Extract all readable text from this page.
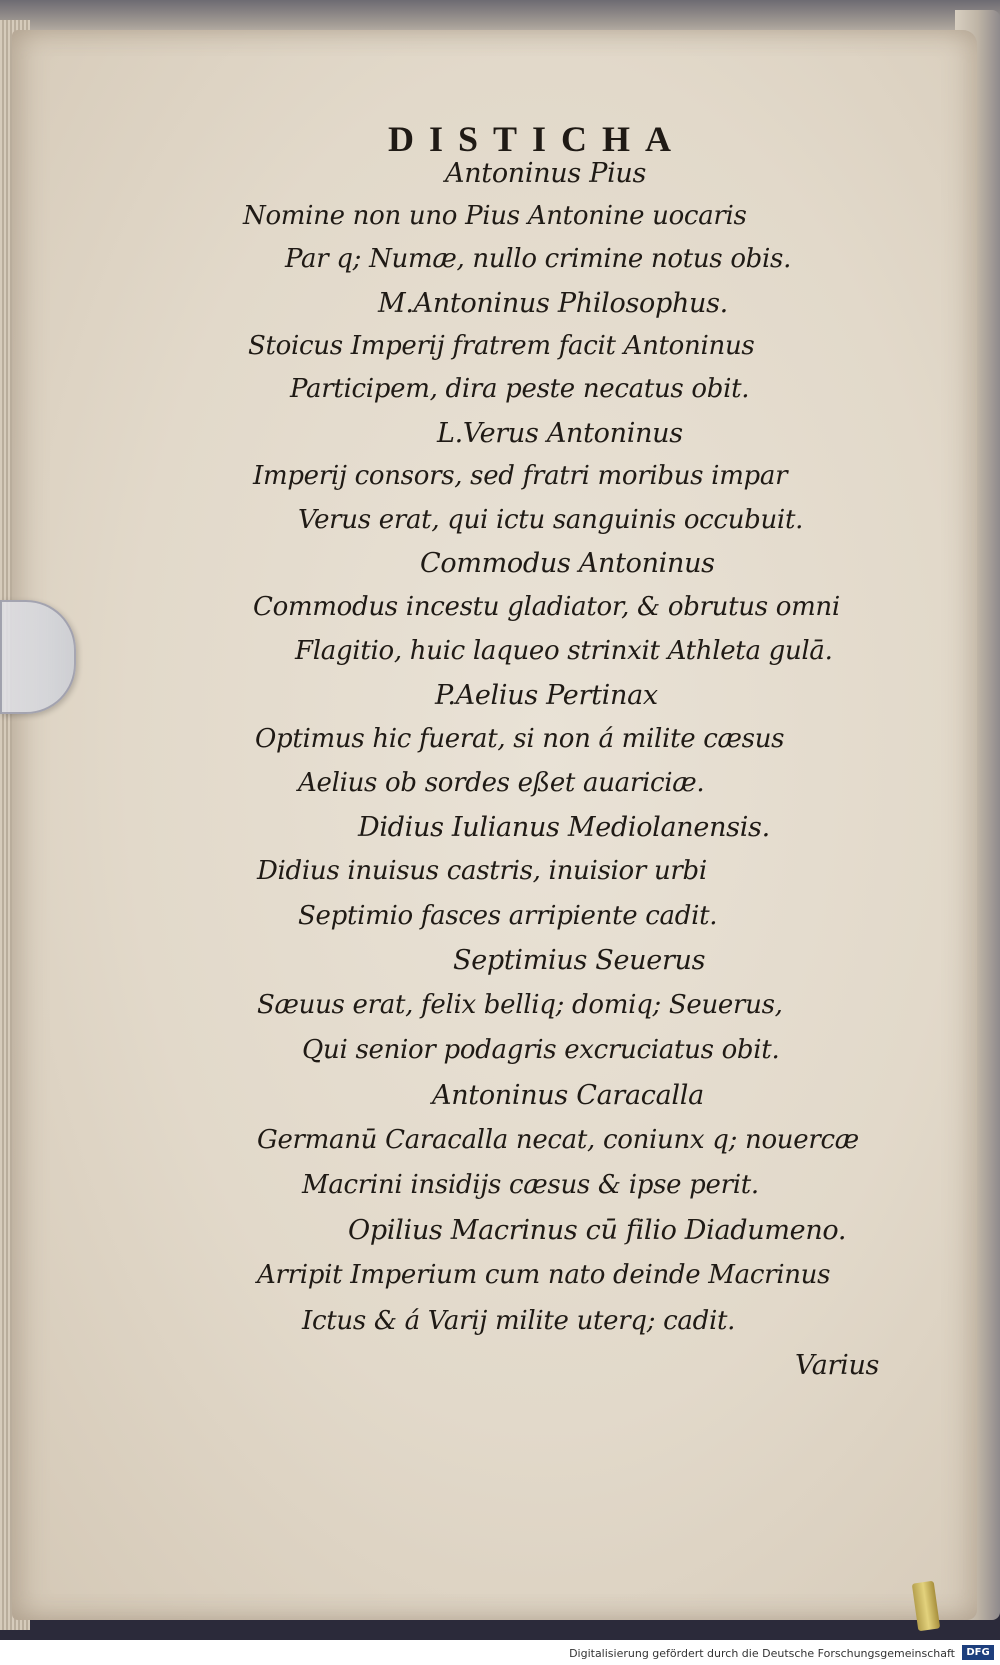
DISTICHA
Antoninus Pius
Nomine non uno Pius Antonine uocaris
Par q; Numæ, nullo crimine notus obis.
M.Antoninus Philosophus.
Stoicus Imperij fratrem facit Antoninus
Participem, dira peste necatus obit.
L.Verus Antoninus
Imperij consors, sed fratri moribus impar
Verus erat, qui ictu sanguinis occubuit.
Commodus Antoninus
Commodus incestu gladiator, & obrutus omni
Flagitio, huic laqueo strinxit Athleta gulā.
P.Aelius Pertinax
Optimus hic fuerat, si non á milite cæsus
Aelius ob sordes eßet auariciæ.
Didius Iulianus Mediolanensis.
Didius inuisus castris, inuisior urbi
Septimio fasces arripiente cadit.
Septimius Seuerus
Sæuus erat, felix belliq; domiq; Seuerus,
Qui senior podagris excruciatus obit.
Antoninus Caracalla
Germanū Caracalla necat, coniunx q; nouercæ
Macrini insidijs cæsus & ipse perit.
Opilius Macrinus cū filio Diadumeno.
Arripit Imperium cum nato deinde Macrinus
Ictus & á Varij milite uterq; cadit.
Varius
Digitalisierung gefördert durch die Deutsche Forschungsgemeinschaft	DFG
